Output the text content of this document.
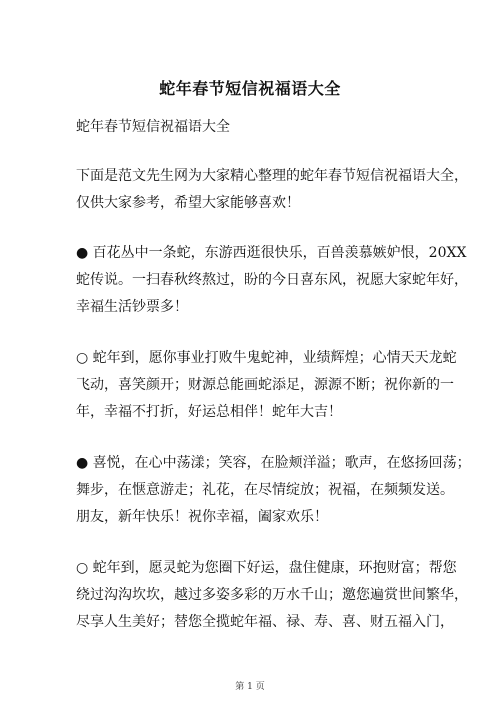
蛇年春节短信祝福语大全
蛇年春节短信祝福语大全

下面是范文先生网为大家精心整理的蛇年春节短信祝福语大全，

仅供大家参考，希望大家能够喜欢！

● 百花丛中一条蛇，东游西逛很快乐，百兽羡慕嫉妒恨，20XX

蛇传说。一扫春秋终熬过，盼的今日喜东风，祝愿大家蛇年好，

幸福生活钞票多！

○ 蛇年到，愿你事业打败牛鬼蛇神，业绩辉煌；心情天天龙蛇

飞动，喜笑颜开；财源总能画蛇添足，源源不断；祝你新的一

年，幸福不打折，好运总相伴！蛇年大吉！

● 喜悦，在心中荡漾；笑容，在脸颊洋溢；歌声，在悠扬回荡；

舞步，在惬意游走；礼花，在尽情绽放；祝福，在频频发送。

朋友，新年快乐！祝你幸福，阖家欢乐！

○ 蛇年到，愿灵蛇为您圈下好运，盘住健康，环抱财富；帮您

绕过沟沟坎坎，越过多姿多彩的万水千山；邀您遍赏世间繁华，

尽享人生美好；替您全揽蛇年福、禄、寿、喜、财五福入门，

第 1 页
